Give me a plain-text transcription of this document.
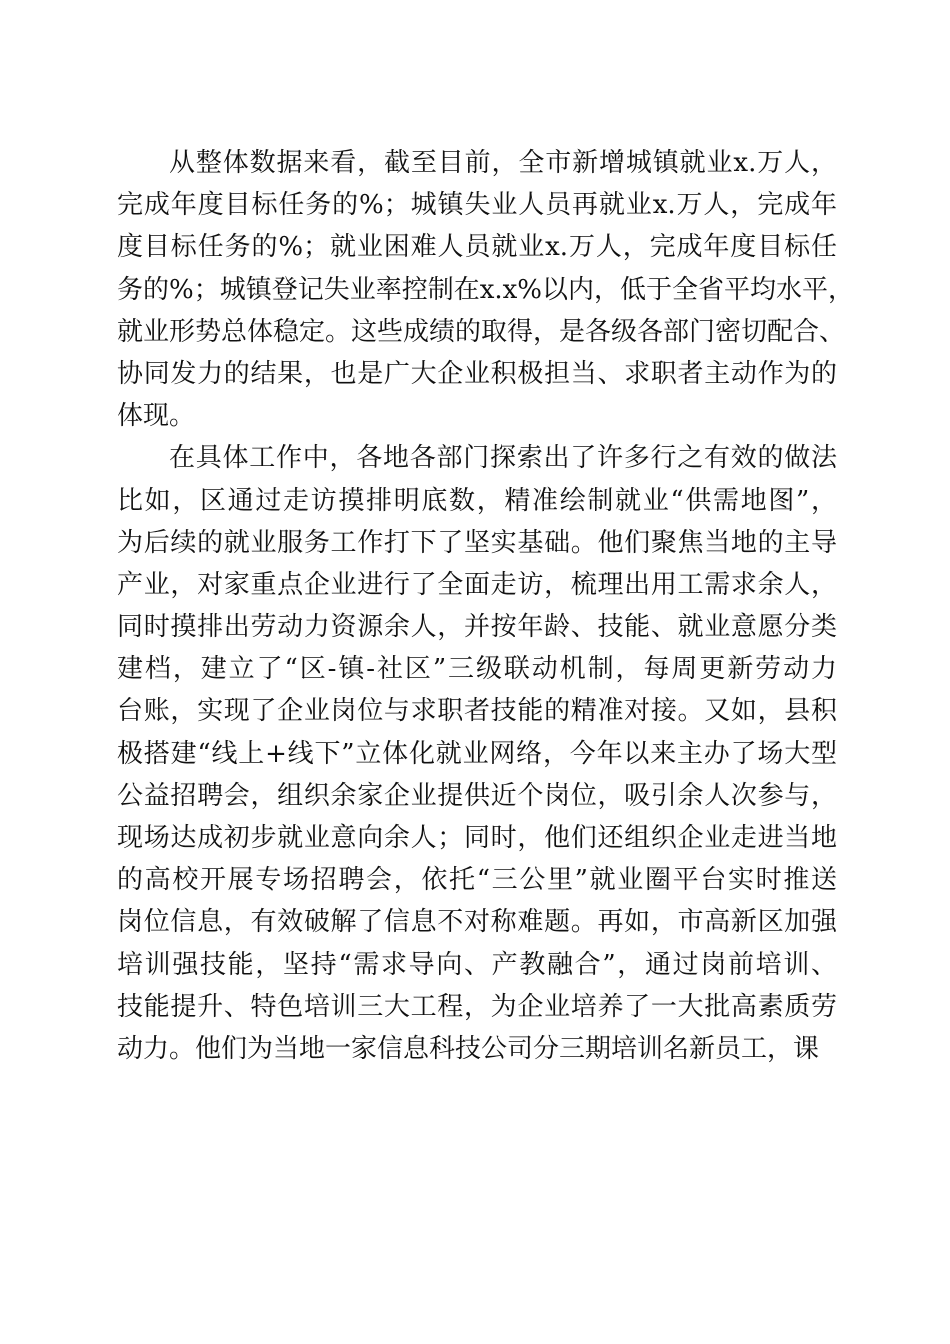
从整体数据来看，截至目前，全市新增城镇就业x.万人，
完成年度目标任务的%；城镇失业人员再就业x.万人，完成年
度目标任务的%；就业困难人员就业x.万人，完成年度目标任
务的%；城镇登记失业率控制在x.x%以内，低于全省平均水平，
就业形势总体稳定。这些成绩的取得，是各级各部门密切配合、
协同发力的结果，也是广大企业积极担当、求职者主动作为的
体现。
在具体工作中，各地各部门探索出了许多行之有效的做法
比如，区通过走访摸排明底数，精准绘制就业“供需地图”，
为后续的就业服务工作打下了坚实基础。他们聚焦当地的主导
产业，对家重点企业进行了全面走访，梳理出用工需求余人，
同时摸排出劳动力资源余人，并按年龄、技能、就业意愿分类
建档，建立了“区-镇-社区”三级联动机制，每周更新劳动力
台账，实现了企业岗位与求职者技能的精准对接。又如，县积
极搭建“线上+线下”立体化就业网络，今年以来主办了场大型
公益招聘会，组织余家企业提供近个岗位，吸引余人次参与，
现场达成初步就业意向余人；同时，他们还组织企业走进当地
的高校开展专场招聘会，依托“三公里”就业圈平台实时推送
岗位信息，有效破解了信息不对称难题。再如，市高新区加强
培训强技能，坚持“需求导向、产教融合”，通过岗前培训、
技能提升、特色培训三大工程，为企业培养了一大批高素质劳
动力。他们为当地一家信息科技公司分三期培训名新员工，课
